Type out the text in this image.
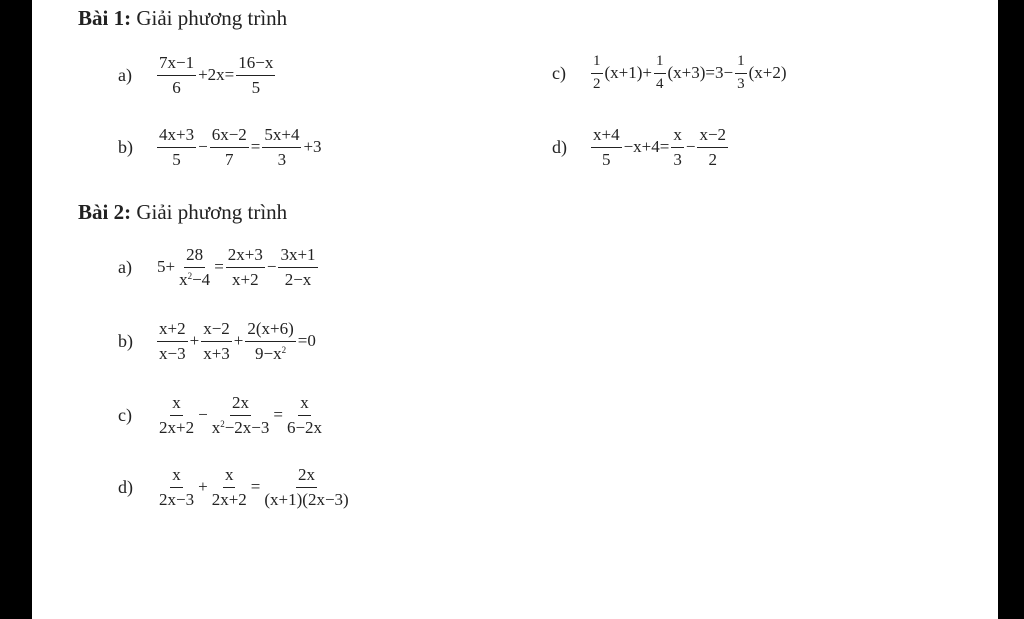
Bài 1: Giải phương trình
a)	$\frac{7x-1}{6} +2x= \frac{16-x}{5}$	c)	$\frac{1}{2} (x+1)+ \frac{1}{4} (x+3)=3- \frac{1}{3} (x+2)$
b)	$\frac{4x+3}{5} - \frac{6x-2}{7} = \frac{5x+4}{3} +3$	d)	$\frac{x+4}{5} -x+4= \frac{x}{3} - \frac{x-2}{2}$
Bài 2: Giải phương trình
a)	$5+ \frac{28}{x^2-4} = \frac{2x+3}{x+2} - \frac{3x+1}{2-x}$
b)	$\frac{x+2}{x-3} + \frac{x-2}{x+3} + \frac{2(x+6)}{9-x^2} =0$
c)	$\frac{x}{2x+2} - \frac{2x}{x^2-2x-3} = \frac{x}{6-2x}$
d)	$\frac{x}{2x-3} + \frac{x}{2x+2} = \frac{2x}{(x+1)(2x-3)}$
